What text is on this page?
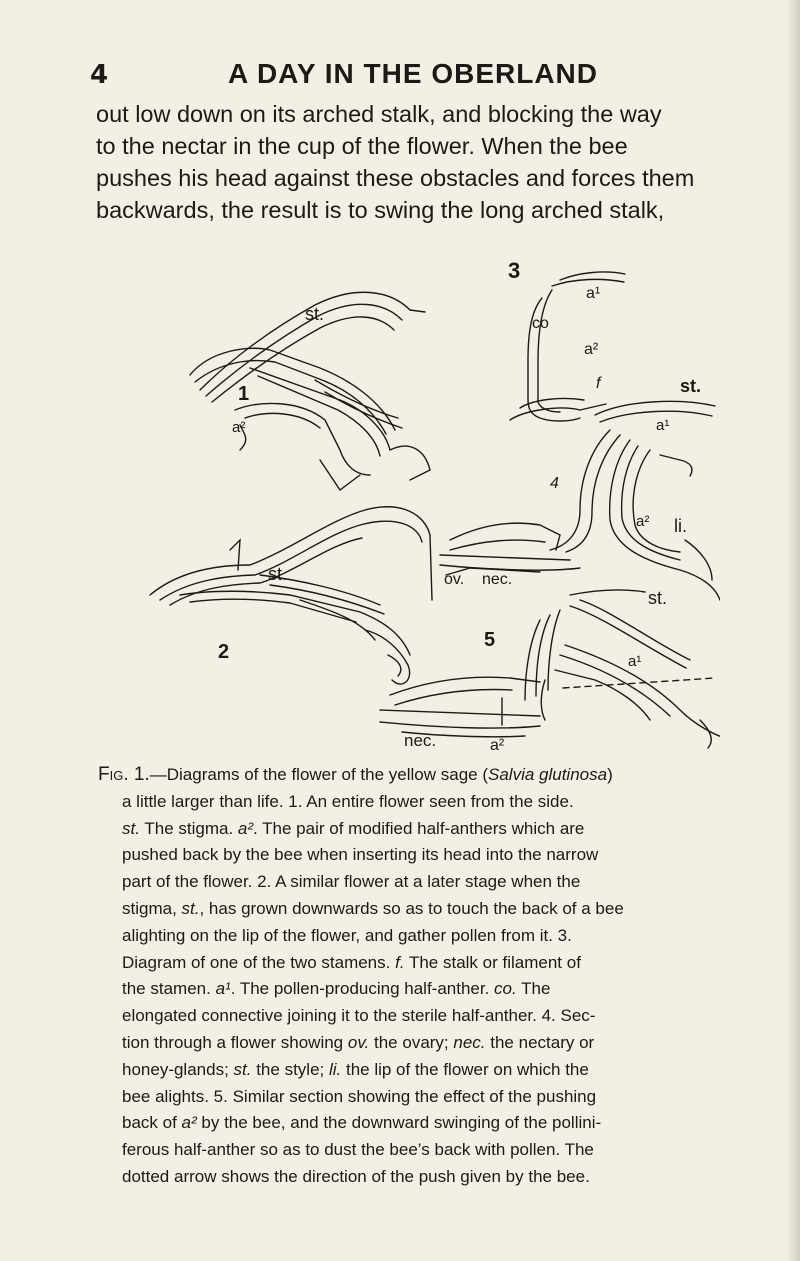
4	A DAY IN THE OBERLAND
out low down on its arched stalk, and blocking the way
to the nectar in the cup of the flower. When the bee
pushes his head against these obstacles and forces them
backwards, the result is to swing the long arched stalk,
1
st.
a²
2
st.
3
a¹
co
a²
f	st.
a¹
4
a² li.
ov. nec.
st.
5
a¹
nec.	a²
Fig. 1.—Diagrams of the flower of the yellow sage (Salvia glutinosa)
a little larger than life. 1. An entire flower seen from the side.
st. The stigma. a². The pair of modified half-anthers which are
pushed back by the bee when inserting its head into the narrow
part of the flower. 2. A similar flower at a later stage when the
stigma, st., has grown downwards so as to touch the back of a bee
alighting on the lip of the flower, and gather pollen from it. 3.
Diagram of one of the two stamens. f. The stalk or filament of
the stamen. a¹. The pollen-producing half-anther. co. The
elongated connective joining it to the sterile half-anther. 4. Sec-
tion through a flower showing ov. the ovary; nec. the nectary or
honey-glands; st. the style; li. the lip of the flower on which the
bee alights. 5. Similar section showing the effect of the pushing
back of a² by the bee, and the downward swinging of the pollini-
ferous half-anther so as to dust the bee’s back with pollen. The
dotted arrow shows the direction of the push given by the bee.
